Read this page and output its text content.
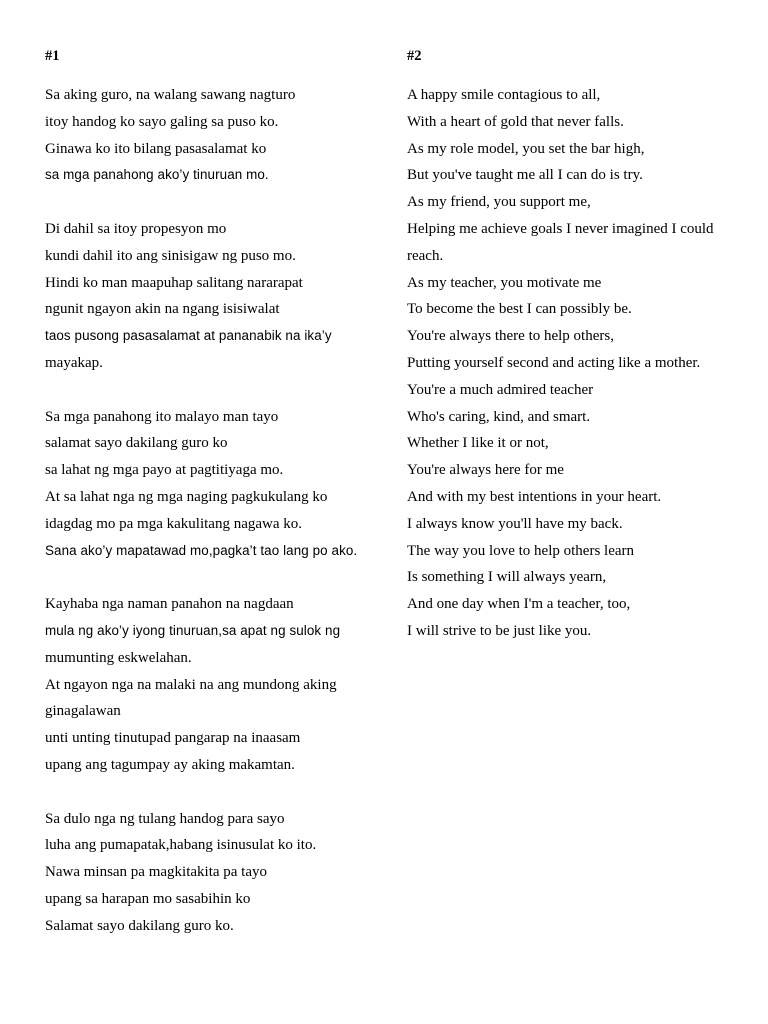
#1
Sa aking guro, na walang sawang nagturo
itoy handog ko sayo galing sa puso ko.
Ginawa ko ito bilang pasasalamat ko
sa mga panahong ako’y tinuruan mo.
Di dahil sa itoy propesyon mo
kundi dahil ito ang sinisigaw ng puso mo.
Hindi ko man maapuhap salitang nararapat
ngunit ngayon akin na ngang isisiwalat
taos pusong pasasalamat at pananabik na ika’y
mayakap.
Sa mga panahong ito malayo man tayo
salamat sayo dakilang guro ko
sa lahat ng mga payo at pagtitiyaga mo.
At sa lahat nga ng mga naging pagkukulang ko
idagdag mo pa mga kakulitang nagawa ko.
Sana ako’y mapatawad mo,pagka’t tao lang po ako.
Kayhaba nga naman panahon na nagdaan
mula ng ako’y iyong tinuruan,sa apat ng sulok ng
mumunting eskwelahan.
At ngayon nga na malaki na ang mundong aking
ginagalawan
unti unting tinutupad pangarap na inaasam
upang ang tagumpay ay aking makamtan.
Sa dulo nga ng tulang handog para sayo
luha ang pumapatak,habang isinusulat ko ito.
Nawa minsan pa magkitakita pa tayo
upang sa harapan mo sasabihin ko
Salamat sayo dakilang guro ko.
#2
A happy smile contagious to all,
With a heart of gold that never falls.
As my role model, you set the bar high,
But you've taught me all I can do is try.
As my friend, you support me,
Helping me achieve goals I never imagined I could
reach.
As my teacher, you motivate me
To become the best I can possibly be.
You're always there to help others,
Putting yourself second and acting like a mother.
You're a much admired teacher
Who's caring, kind, and smart.
Whether I like it or not,
You're always here for me
And with my best intentions in your heart.
I always know you'll have my back.
The way you love to help others learn
Is something I will always yearn,
And one day when I'm a teacher, too,
I will strive to be just like you.
